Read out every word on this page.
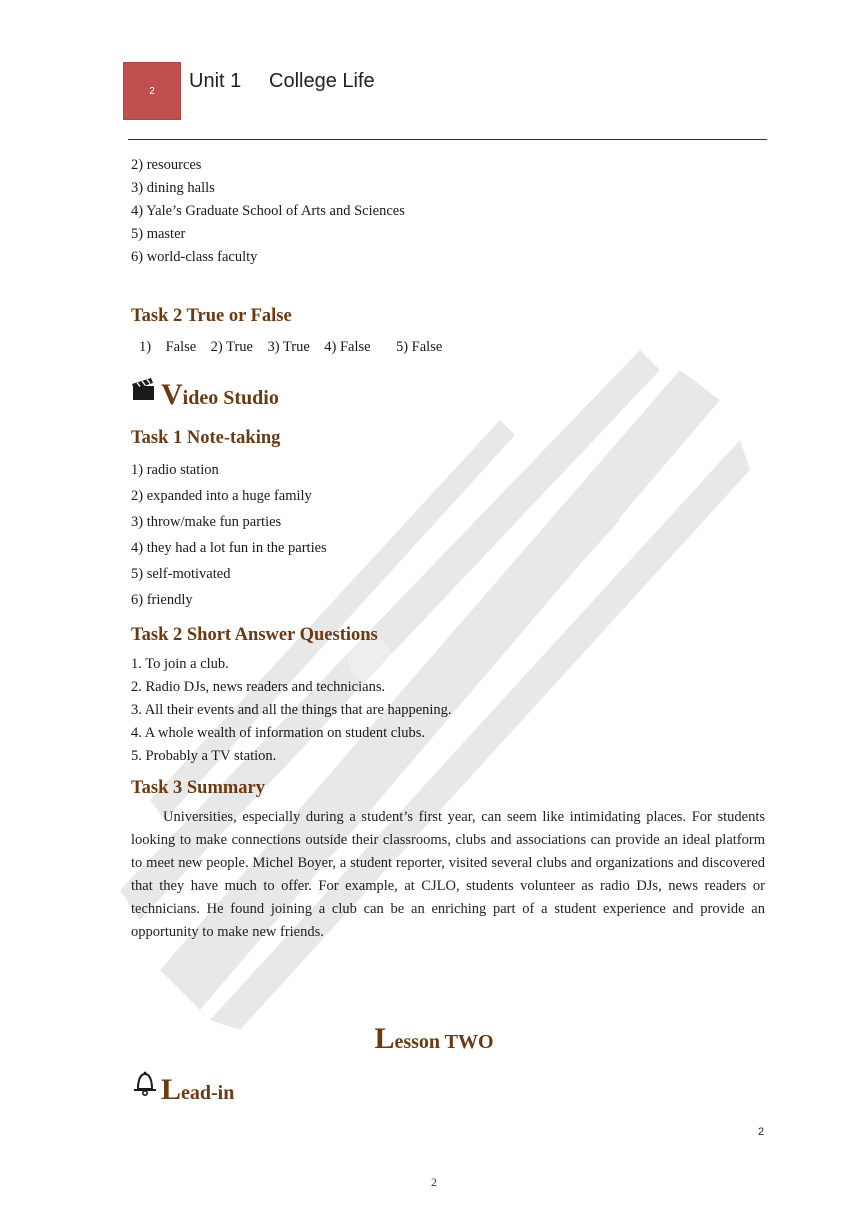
2 Unit 1     College Life
2) resources
3) dining halls
4) Yale’s Graduate School of Arts and Sciences
5) master
6) world-class faculty
Task 2 True or False
1)    False    2) True    3) True    4) False       5) False
V ideo Studio
Task 1 Note-taking
1) radio station
2) expanded into a huge family
3) throw/make fun parties
4) they had a lot fun in the parties
5) self-motivated
6) friendly
Task 2 Short Answer Questions
1. To join a club.
2. Radio DJs, news readers and technicians.
3. All their events and all the things that are happening.
4. A whole wealth of information on student clubs.
5. Probably a TV station.
Task 3 Summary
Universities, especially during a student’s first year, can seem like intimidating places. For students looking to make connections outside their classrooms, clubs and associations can provide an ideal platform to meet new people. Michel Boyer, a student reporter, visited several clubs and organizations and discovered that they have much to offer. For example, at CJLO, students volunteer as radio DJs, news readers or technicians. He found joining a club can be an enriching part of a student experience and provide an opportunity to make new friends.
Lesson TWO
L ead-in
2
2
